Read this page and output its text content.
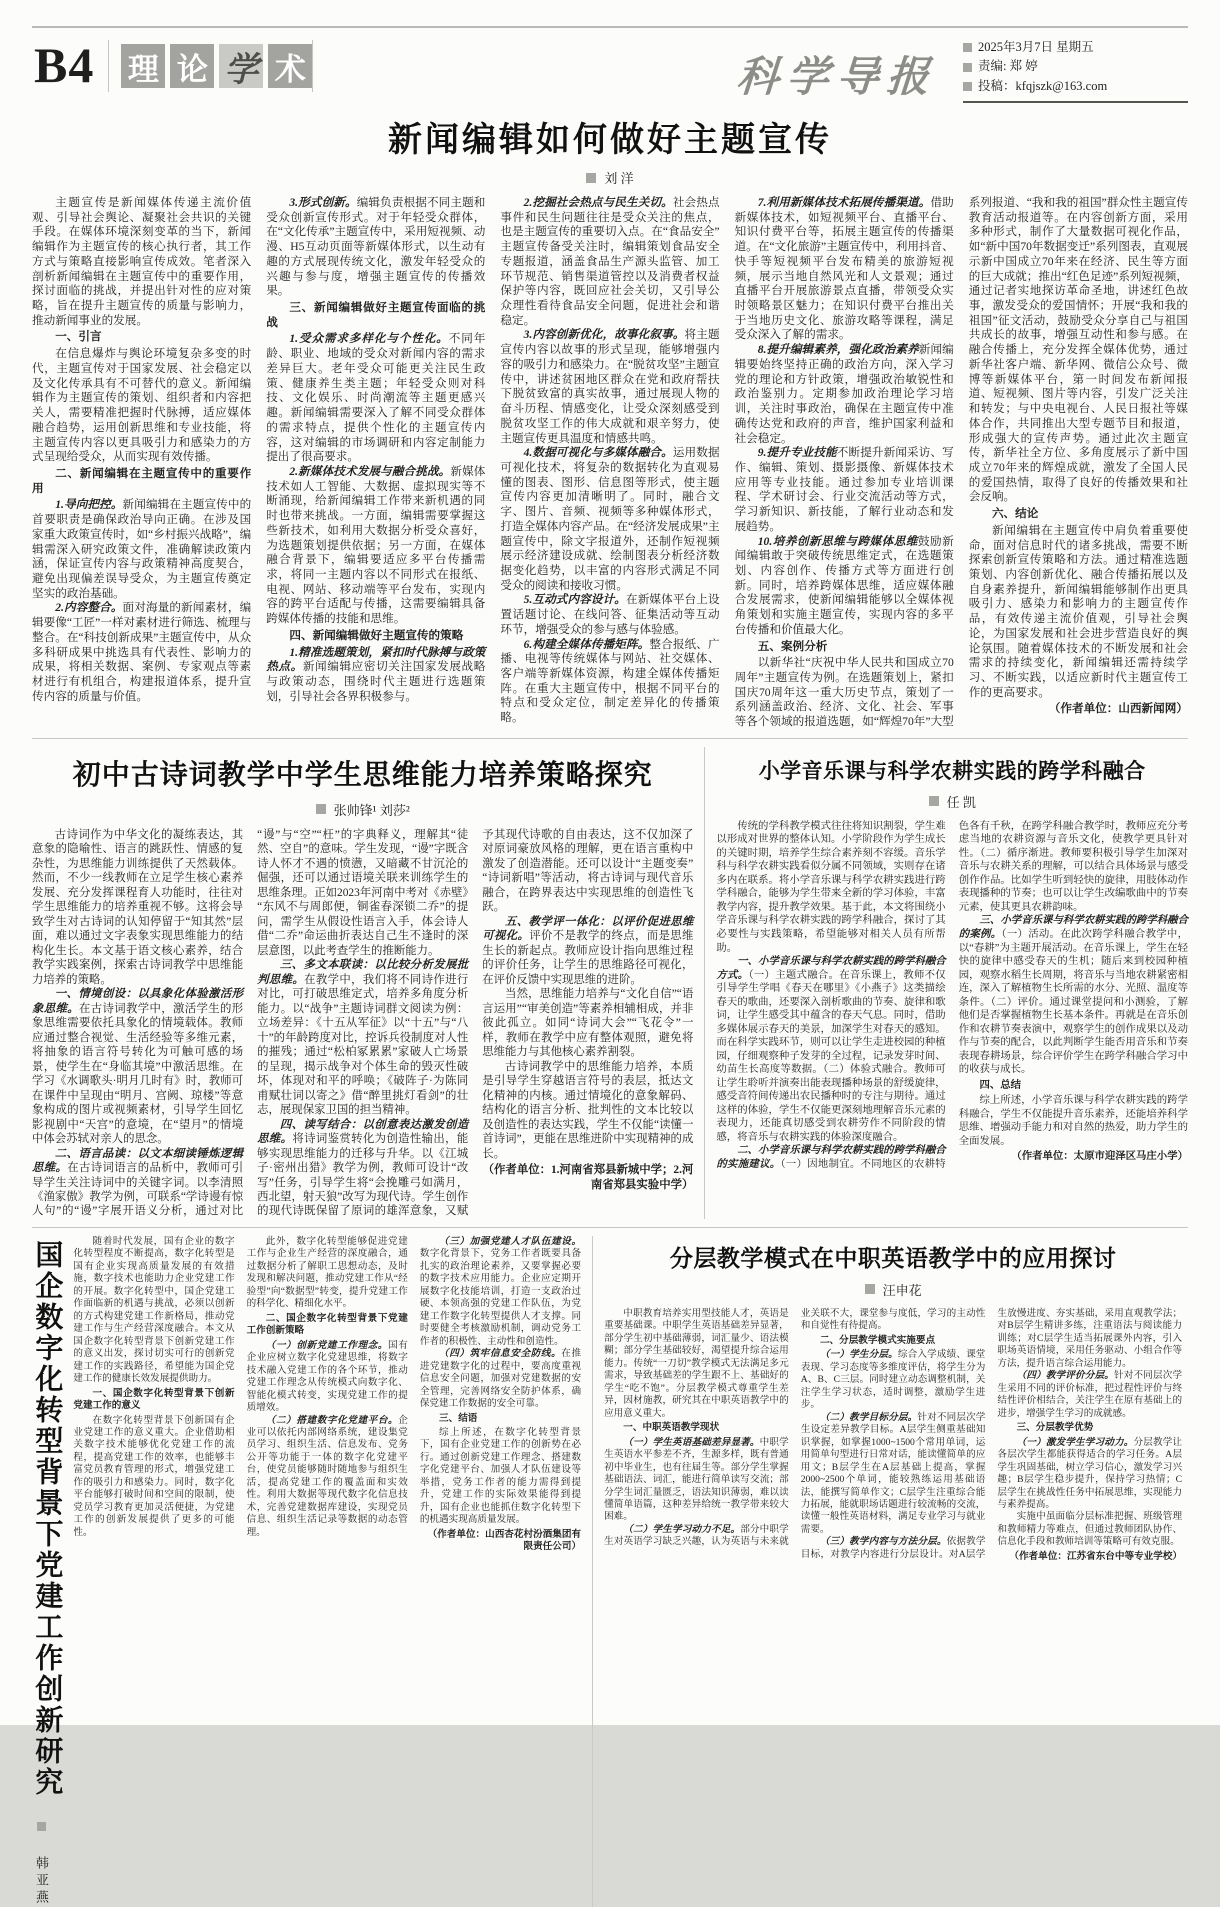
B4	理 论 学 术	科学导报
2025年3月7日 星期五
责编: 郑 婷
投稿：kfqjszk@163.com
新闻编辑如何做好主题宣传
刘 洋
主题宣传是新闻媒体传递主流价值观、引导社会舆论、凝聚社会共识的关键手段。在媒体环境深刻变革的当下，新闻编辑作为主题宣传的核心执行者，其工作方式与策略直接影响宣传成效。笔者深入剖析新闻编辑在主题宣传中的重要作用，探讨面临的挑战，并提出针对性的应对策略，旨在提升主题宣传的质量与影响力，推动新闻事业的发展。
一、引言
在信息爆炸与舆论环境复杂多变的时代，主题宣传对于国家发展、社会稳定以及文化传承具有不可替代的意义。新闻编辑作为主题宣传的策划、组织者和内容把关人，需要精准把握时代脉搏，适应媒体融合趋势，运用创新思维和专业技能，将主题宣传内容以更具吸引力和感染力的方式呈现给受众，从而实现有效传播。
二、新闻编辑在主题宣传中的重要作用
1.导向把控。新闻编辑在主题宣传中的首要职责是确保政治导向正确。在涉及国家重大政策宣传时，如“乡村振兴战略”，编辑需深入研究政策文件，准确解读政策内涵，保证宣传内容与政策精神高度契合，避免出现偏差误导受众，为主题宣传奠定坚实的政治基础。
2.内容整合。面对海量的新闻素材，编辑要像“工匠”一样对素材进行筛选、梳理与整合。在“科技创新成果”主题宣传中，从众多科研成果中挑选具有代表性、影响力的成果，将相关数据、案例、专家观点等素材进行有机组合，构建报道体系，提升宣传内容的质量与价值。
3.形式创新。编辑负责根据不同主题和受众创新宣传形式。对于年轻受众群体，在“文化传承”主题宣传中，采用短视频、动漫、H5互动页面等新媒体形式，以生动有趣的方式展现传统文化，激发年轻受众的兴趣与参与度，增强主题宣传的传播效果。
三、新闻编辑做好主题宣传面临的挑战
1.受众需求多样化与个性化。不同年龄、职业、地域的受众对新闻内容的需求差异巨大。老年受众可能更关注民生政策、健康养生类主题；年轻受众则对科技、文化娱乐、时尚潮流等主题更感兴趣。新闻编辑需要深入了解不同受众群体的需求特点，提供个性化的主题宣传内容，这对编辑的市场调研和内容定制能力提出了很高要求。
2.新媒体技术发展与融合挑战。新媒体技术如人工智能、大数据、虚拟现实等不断涌现，给新闻编辑工作带来新机遇的同时也带来挑战。一方面，编辑需要掌握这些新技术，如利用大数据分析受众喜好，为选题策划提供依据；另一方面，在媒体融合背景下，编辑要适应多平台传播需求，将同一主题内容以不同形式在报纸、电视、网站、移动端等平台发布，实现内容的跨平台适配与传播，这需要编辑具备跨媒体传播的技能和思维。
四、新闻编辑做好主题宣传的策略
1.精准选题策划，紧扣时代脉搏与政策热点。新闻编辑应密切关注国家发展战略与政策动态，围绕时代主题进行选题策划，引导社会各界积极参与。
2.挖掘社会热点与民生关切。社会热点事件和民生问题往往是受众关注的焦点，也是主题宣传的重要切入点。在“食品安全”主题宣传备受关注时，编辑策划食品安全专题报道，涵盖食品生产源头监管、加工环节规范、销售渠道管控以及消费者权益保护等内容，既回应社会关切，又引导公众理性看待食品安全问题，促进社会和谐稳定。
3.内容创新优化，故事化叙事。将主题宣传内容以故事的形式呈现，能够增强内容的吸引力和感染力。在“脱贫攻坚”主题宣传中，讲述贫困地区群众在党和政府帮扶下脱贫致富的真实故事，通过展现人物的奋斗历程、情感变化，让受众深刻感受到脱贫攻坚工作的伟大成就和艰辛努力，使主题宣传更具温度和情感共鸣。
4.数据可视化与多媒体融合。运用数据可视化技术，将复杂的数据转化为直观易懂的图表、图形、信息图等形式，使主题宣传内容更加清晰明了。同时，融合文字、图片、音频、视频等多种媒体形式，打造全媒体内容产品。在“经济发展成果”主题宣传中，除文字报道外，还制作短视频展示经济建设成就、绘制图表分析经济数据变化趋势，以丰富的内容形式满足不同受众的阅读和接收习惯。
5.互动式内容设计。在新媒体平台上设置话题讨论、在线问答、征集活动等互动环节，增强受众的参与感与体验感。
6.构建全媒体传播矩阵。整合报纸、广播、电视等传统媒体与网站、社交媒体、客户端等新媒体资源，构建全媒体传播矩阵。在重大主题宣传中，根据不同平台的特点和受众定位，制定差异化的传播策略。
7.利用新媒体技术拓展传播渠道。借助新媒体技术，如短视频平台、直播平台、知识付费平台等，拓展主题宣传的传播渠道。在“文化旅游”主题宣传中，利用抖音、快手等短视频平台发布精美的旅游短视频，展示当地自然风光和人文景观；通过直播平台开展旅游景点直播，带领受众实时领略景区魅力；在知识付费平台推出关于当地历史文化、旅游攻略等课程，满足受众深入了解的需求。
8.提升编辑素养，强化政治素养新闻编辑要始终坚持正确的政治方向，深入学习党的理论和方针政策，增强政治敏锐性和政治鉴别力。定期参加政治理论学习培训，关注时事政治，确保在主题宣传中准确传达党和政府的声音，维护国家利益和社会稳定。
9.提升专业技能不断提升新闻采访、写作、编辑、策划、摄影摄像、新媒体技术应用等专业技能。通过参加专业培训课程、学术研讨会、行业交流活动等方式，学习新知识、新技能，了解行业动态和发展趋势。
10.培养创新思维与跨媒体思维鼓励新闻编辑敢于突破传统思维定式，在选题策划、内容创作、传播方式等方面进行创新。同时，培养跨媒体思维，适应媒体融合发展需求，使新闻编辑能够以全媒体视角策划和实施主题宣传，实现内容的多平台传播和价值最大化。
五、案例分析
以新华社“庆祝中华人民共和国成立70周年”主题宣传为例。在选题策划上，紧扣国庆70周年这一重大历史节点，策划了一系列涵盖政治、经济、文化、社会、军事等各个领域的报道选题，如“辉煌70年”大型系列报道、“我和我的祖国”群众性主题宣传教育活动报道等。在内容创新方面，采用多种形式，制作了大量数据可视化作品，如“新中国70年数据变迁”系列图表，直观展示新中国成立70年来在经济、民生等方面的巨大成就；推出“红色足迹”系列短视频，通过记者实地探访革命圣地，讲述红色故事，激发受众的爱国情怀；开展“我和我的祖国”征文活动，鼓励受众分享自己与祖国共成长的故事，增强互动性和参与感。在融合传播上，充分发挥全媒体优势，通过新华社客户端、新华网、微信公众号、微博等新媒体平台，第一时间发布新闻报道、短视频、图片等内容，引发广泛关注和转发；与中央电视台、人民日报社等媒体合作，共同推出大型专题节目和报道，形成强大的宣传声势。通过此次主题宣传，新华社全方位、多角度展示了新中国成立70年来的辉煌成就，激发了全国人民的爱国热情，取得了良好的传播效果和社会反响。
六、结论
新闻编辑在主题宣传中肩负着重要使命，面对信息时代的诸多挑战，需要不断探索创新宣传策略和方法。通过精准选题策划、内容创新优化、融合传播拓展以及自身素养提升，新闻编辑能够制作出更具吸引力、感染力和影响力的主题宣传作品，有效传递主流价值观，引导社会舆论，为国家发展和社会进步营造良好的舆论氛围。随着媒体技术的不断发展和社会需求的持续变化，新闻编辑还需持续学习、不断实践，以适应新时代主题宣传工作的更高要求。
（作者单位：山西新闻网）
初中古诗词教学中学生思维能力培养策略探究
张帅锋¹ 刘莎²
古诗词作为中华文化的凝练表达，其意象的隐喻性、语言的跳跃性、情感的复杂性，为思维能力训练提供了天然载体。然而，不少一线教师在立足学生核心素养发展、充分发挥课程育人功能时，往往对学生思维能力的培养重视不够。这将会导致学生对古诗词的认知停留于“知其然”层面，难以通过文字表象实现思维能力的结构化生长。本文基于语文核心素养，结合教学实践案例，探索古诗词教学中思维能力培养的策略。
一、情境创设：以具象化体验激活形象思维。在古诗词教学中，激活学生的形象思维需要依托具象化的情境载体。教师应通过整合视觉、生活经验等多维元素，将抽象的语言符号转化为可触可感的场景，使学生在“身临其境”中激活思维。在学习《水调歌头·明月几时有》时，教师可在课件中呈现由“明月、宫阙、琼楼”等意象构成的图片或视频素材，引导学生回忆影视剧中“天宫”的意境，在“望月”的情境中体会苏轼对亲人的思念。
二、语言品读：以文本细读锤炼逻辑思维。在古诗词语言的品析中，教师可引导学生关注诗词中的关键字词。以李清照《渔家傲》教学为例，可联系“学诗谩有惊人句”的“谩”字展开语义分析，通过对比“谩”与“空”“枉”的字典释义，理解其“徒然、空自”的意味。学生发现，“谩”字既含诗人怀才不遇的愤懑，又暗藏不甘沉沦的倔强，还可以通过语境关联来训练学生的思维条理。正如2023年河南中考对《赤壁》“东风不与周郎便，铜雀春深锁二乔”的提问，需学生从假设性语言入手，体会诗人借“二乔”命运曲折表达自己生不逢时的深层意图，以此考查学生的推断能力。
三、多文本联读：以比较分析发展批判思维。在教学中，我们将不同诗作进行对比，可打破思维定式，培养多角度分析能力。以“战争”主题诗词群文阅读为例：立场差异：《十五从军征》以“十五”与“八十”的年龄跨度对比，控诉兵役制度对人性的摧残；通过“松柏冢累累”家破人亡场景的呈现，揭示战争对个体生命的毁灭性破坏，体现对和平的呼唤；《破阵子·为陈同甫赋壮词以寄之》借“醉里挑灯看剑”的壮志，展现保家卫国的担当精神。
四、读写结合：以创意表达激发创造思维。将诗词鉴赏转化为创造性输出，能够实现思维能力的迁移与升华。以《江城子·密州出猎》教学为例，教师可设计“改写”任务，引导学生将“会挽雕弓如满月，西北望，射天狼”改写为现代诗。学生创作的现代诗既保留了原词的雄浑意象，又赋予其现代诗歌的自由表达，这不仅加深了对原词豪放风格的理解，更在语言重构中激发了创造潜能。还可以设计“主题变奏”“诗词新唱”等活动，将古诗词与现代音乐融合，在跨界表达中实现思维的创造性飞跃。
五、教学评一体化：以评价促进思维可视化。评价不是教学的终点，而是思维生长的新起点。教师应设计指向思维过程的评价任务，让学生的思维路径可视化，在评价反馈中实现思维的进阶。
当然，思维能力培养与“文化自信”“语言运用”“审美创造”等素养相辅相成，并非彼此孤立。如同“诗词大会”“飞花令”一样，教师在教学中应有整体观照，避免将思维能力与其他核心素养割裂。
古诗词教学中的思维能力培养，本质是引导学生穿越语言符号的表层，抵达文化精神的内核。通过情境化的意象解码、结构化的语言分析、批判性的文本比较以及创造性的表达实践，学生不仅能“读懂一首诗词”，更能在思维进阶中实现精神的成长。
（作者单位：1.河南省郑县新城中学；2.河南省郑县实验中学）
小学音乐课与科学农耕实践的跨学科融合
任 凯
传统的学科教学模式往往将知识割裂，学生难以形成对世界的整体认知。小学阶段作为学生成长的关键时期，培养学生综合素养刻不容缓。音乐学科与科学农耕实践看似分属不同领域，实则存在诸多内在联系。将小学音乐课与科学农耕实践进行跨学科融合，能够为学生带来全新的学习体验，丰富教学内容，提升教学效果。基于此，本文将围绕小学音乐课与科学农耕实践的跨学科融合，探讨了其必要性与实践策略，希望能够对相关人员有所帮助。
一、小学音乐课与科学农耕实践的跨学科融合方式。（一）主题式融合。在音乐课上，教师不仅引导学生学唱《春天在哪里》《小燕子》这类描绘春天的歌曲，还要深入剖析歌曲的节奏、旋律和歌词，让学生感受其中蕴含的春天气息。同时，借助多媒体展示春天的美景，加深学生对春天的感知。而在科学实践环节，则可以让学生走进校园的种植园，仔细观察种子发芽的全过程，记录发芽时间、幼苗生长高度等数据。（二）体验式融合。教师可让学生聆听并演奏出能表现播种场景的舒缓旋律，感受音符间传递出农民播种时的专注与期待。通过这样的体验，学生不仅能更深刻地理解音乐元素的表现力，还能真切感受到农耕劳作不同阶段的情感，将音乐与农耕实践的体验深度融合。
二、小学音乐课与科学农耕实践的跨学科融合的实施建议。（一）因地制宜。不同地区的农耕特色各有千秋，在跨学科融合教学时，教师应充分考虑当地的农耕资源与音乐文化，使教学更具针对性。（二）循序渐进。教师要积极引导学生加深对音乐与农耕关系的理解，可以结合具体场景与感受创作作品。比如学生听到轻快的旋律，用肢体动作表现播种的节奏；也可以让学生改编歌曲中的节奏元素，使其更具农耕韵味。
三、小学音乐课与科学农耕实践的跨学科融合的案例。（一）活动。在此次跨学科融合教学中，以“春耕”为主题开展活动。在音乐课上，学生在轻快的旋律中感受春天的生机；随后来到校园种植园，观察水稻生长周期，将音乐与当地农耕紧密相连，深入了解植物生长所需的水分、光照、温度等条件。（二）评价。通过课堂提问和小测验，了解他们是否掌握植物生长基本条件。再就是在音乐创作和农耕节奏表演中，观察学生的创作成果以及动作与节奏的配合，以此判断学生能否用音乐和节奏表现春耕场景，综合评价学生在跨学科融合学习中的收获与成长。
四、总结
综上所述，小学音乐课与科学农耕实践的跨学科融合，学生不仅能提升音乐素养，还能培养科学思维、增强动手能力和对自然的热爱，助力学生的全面发展。
（作者单位：太原市迎泽区马庄小学）
国企数字化转型背景下党建工作创新研究
韩亚燕
随着时代发展，国有企业的数字化转型程度不断提高，数字化转型是国有企业实现高质量发展的有效措施，数字技术也能助力企业党建工作的开展。数字化转型中，国企党建工作面临新的机遇与挑战，必须以创新的方式构建党建工作新格局，推动党建工作与生产经营深度融合。本文从国企数字化转型背景下创新党建工作的意义出发，探讨切实可行的创新党建工作的实践路径，希望能为国企党建工作的健康长效发展提供助力。
一、国企数字化转型背景下创新党建工作的意义
在数字化转型背景下创新国有企业党建工作的意义重大。企业借助相关数字技术能够优化党建工作的流程，提高党建工作的效率，也能够丰富党员教育管理的形式，增强党建工作的吸引力和感染力。同时，数字化平台能够打破时间和空间的限制，使党员学习教育更加灵活便捷，为党建工作的创新发展提供了更多的可能性。
此外，数字化转型能够促进党建工作与企业生产经营的深度融合，通过数据分析了解职工思想动态，及时发现和解决问题，推动党建工作从“经验型”向“数据型”转变，提升党建工作的科学化、精细化水平。
二、国企数字化转型背景下党建工作创新策略
（一）创新党建工作理念。国有企业应树立数字化党建思维，将数字技术融入党建工作的各个环节，推动党建工作理念从传统模式向数字化、智能化模式转变，实现党建工作的提质增效。
（二）搭建数字化党建平台。企业可以依托内部网络系统，建设集党员学习、组织生活、信息发布、党务公开等功能于一体的数字化党建平台，使党员能够随时随地参与组织生活，提高党建工作的覆盖面和实效性。利用大数据等现代数字化信息技术，完善党建数据库建设，实现党员信息、组织生活记录等数据的动态管理。
（三）加强党建人才队伍建设。数字化背景下，党务工作者既要具备扎实的政治理论素养，又要掌握必要的数字技术应用能力。企业应定期开展数字化技能培训，打造一支政治过硬、本领高强的党建工作队伍，为党建工作数字化转型提供人才支撑。同时要健全考核激励机制，调动党务工作者的积极性、主动性和创造性。
（四）筑牢信息安全防线。在推进党建数字化的过程中，要高度重视信息安全问题，加强对党建数据的安全管理，完善网络安全防护体系，确保党建工作数据的安全可靠。
三、结语
综上所述，在数字化转型背景下，国有企业党建工作的创新势在必行。通过创新党建工作理念、搭建数字化党建平台、加强人才队伍建设等举措，党务工作者的能力需得到提升，党建工作的实际效果能得到提升，国有企业也能抓住数字化转型下的机遇实现高质量发展。
（作者单位：山西杏花村汾酒集团有限责任公司）
分层教学模式在中职英语教学中的应用探讨
汪申花
中职教育培养实用型技能人才，英语是重要基础课。中职学生英语基础差异显著，部分学生初中基础薄弱，词汇量少、语法模糊；部分学生基础较好，渴望提升综合运用能力。传统“一刀切”教学模式无法满足多元需求，导致基础差的学生跟不上、基础好的学生“吃不饱”。分层教学模式尊重学生差异，因材施教，研究其在中职英语教学中的应用意义重大。
一、中职英语教学现状
（一）学生英语基础差异显著。中职学生英语水平参差不齐，生源多样，既有普通初中毕业生，也有往届生等。部分学生掌握基础语法、词汇，能进行简单读写交流；部分学生词汇量匮乏，语法知识薄弱，难以读懂简单语篇，这种差异给统一教学带来较大困难。
（二）学生学习动力不足。部分中职学生对英语学习缺乏兴趣，认为英语与未来就业关联不大，课堂参与度低，学习的主动性和自觉性有待提高。
二、分层教学模式实施要点
（一）学生分层。综合入学成绩、课堂表现、学习态度等多维度评估，将学生分为A、B、C三层。同时建立动态调整机制，关注学生学习状态，适时调整，激励学生进步。
（二）教学目标分层。针对不同层次学生设定差异教学目标。A层学生侧重基础知识掌握，如掌握1000~1500个常用单词，运用简单句型进行日常对话，能读懂简单的应用文；B层学生在A层基础上提高，掌握2000~2500个单词，能较熟练运用基础语法，能撰写简单作文；C层学生注重综合能力拓展，能就职场话题进行较流畅的交流，读懂一般性英语材料，满足专业学习与就业需要。
（三）教学内容与方法分层。依据教学目标，对教学内容进行分层设计。对A层学生放慢进度、夯实基础，采用直观教学法；对B层学生精讲多练，注重语法与阅读能力训练；对C层学生适当拓展课外内容，引入职场英语情境，采用任务驱动、小组合作等方法，提升语言综合运用能力。
（四）教学评价分层。针对不同层次学生采用不同的评价标准，把过程性评价与终结性评价相结合，关注学生在原有基础上的进步，增强学生学习的成就感。
三、分层教学优势
（一）激发学生学习动力。分层教学让各层次学生都能获得适合的学习任务。A层学生巩固基础，树立学习信心，激发学习兴趣；B层学生稳步提升，保持学习热情；C层学生在挑战性任务中拓展思维，实现能力与素养提高。
实施中虽面临分层标准把握、班级管理和教师精力等难点，但通过教师团队协作、信息化手段和教师培训等策略可有效克服。
（作者单位：江苏省东台中等专业学校）
